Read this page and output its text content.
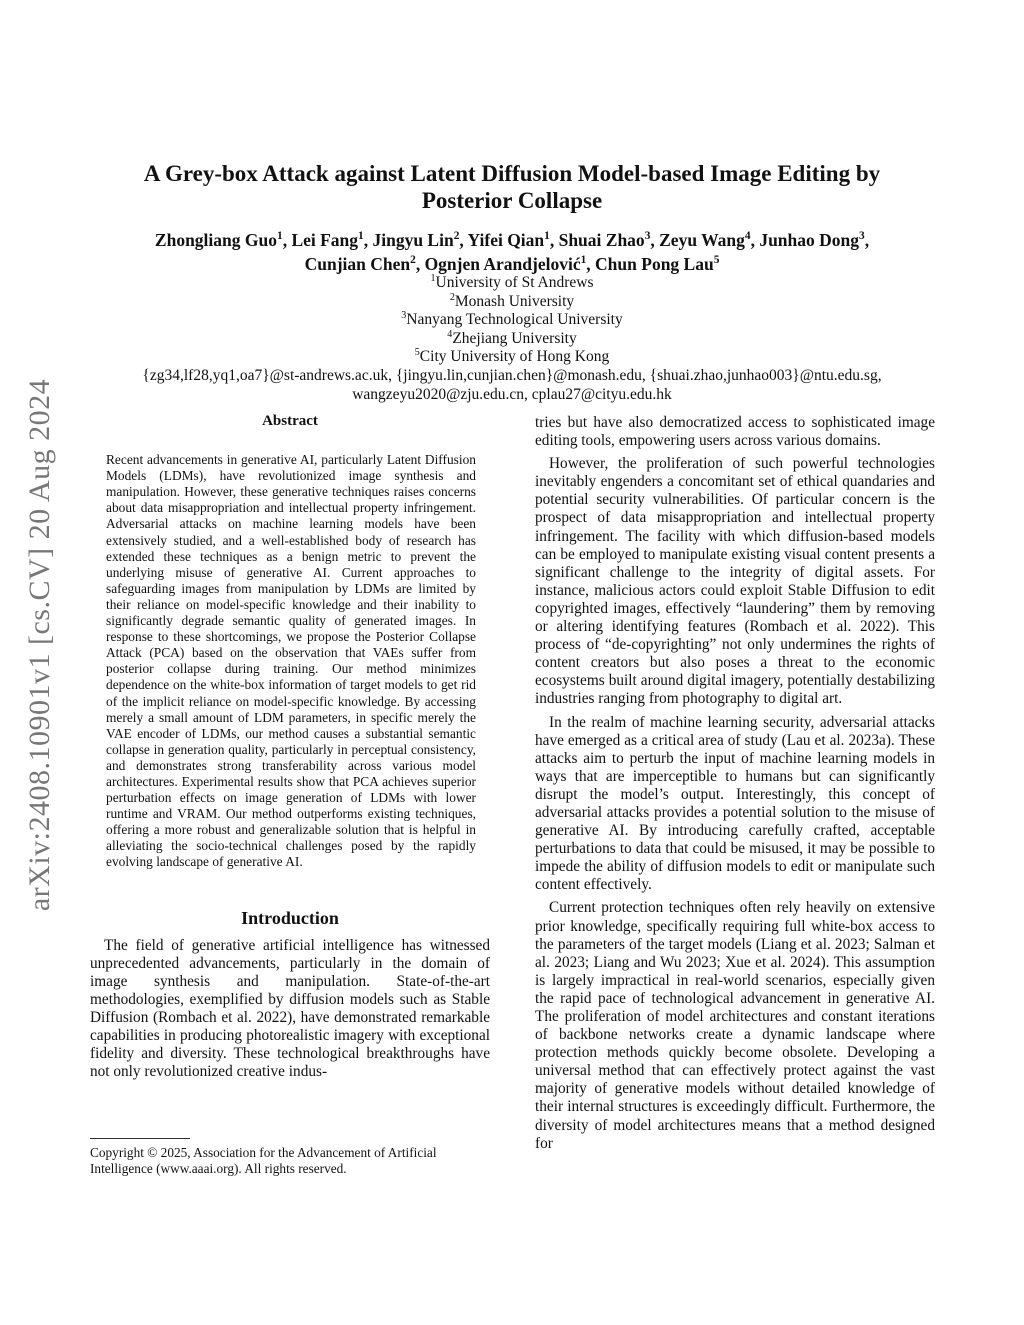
arXiv:2408.10901v1 [cs.CV] 20 Aug 2024
A Grey-box Attack against Latent Diffusion Model-based Image Editing by
Posterior Collapse
Zhongliang Guo$^1$, Lei Fang$^1$, Jingyu Lin$^2$, Yifei Qian$^1$, Shuai Zhao$^3$, Zeyu Wang$^4$, Junhao Dong$^3$,
Cunjian Chen$^2$, Ognjen Arandjelović$^1$, Chun Pong Lau$^5$
$^1$University of St Andrews
$^2$Monash University
$^3$Nanyang Technological University
$^4$Zhejiang University
$^5$City University of Hong Kong
{zg34,lf28,yq1,oa7}@st-andrews.ac.uk, {jingyu.lin,cunjian.chen}@monash.edu, {shuai.zhao,junhao003}@ntu.edu.sg,
wangzeyu2020@zju.edu.cn, cplau27@cityu.edu.hk
Abstract
Recent advancements in generative AI, particularly Latent Diffusion Models (LDMs), have revolutionized image synthesis and manipulation. However, these generative techniques raises concerns about data misappropriation and intellectual property infringement. Adversarial attacks on machine learning models have been extensively studied, and a well-established body of research has extended these techniques as a benign metric to prevent the underlying misuse of generative AI. Current approaches to safeguarding images from manipulation by LDMs are limited by their reliance on model-specific knowledge and their inability to significantly degrade semantic quality of generated images. In response to these shortcomings, we propose the Posterior Collapse Attack (PCA) based on the observation that VAEs suffer from posterior collapse during training. Our method minimizes dependence on the white-box information of target models to get rid of the implicit reliance on model-specific knowledge. By accessing merely a small amount of LDM parameters, in specific merely the VAE encoder of LDMs, our method causes a substantial semantic collapse in generation quality, particularly in perceptual consistency, and demonstrates strong transferability across various model architectures. Experimental results show that PCA achieves superior perturbation effects on image generation of LDMs with lower runtime and VRAM. Our method outperforms existing techniques, offering a more robust and generalizable solution that is helpful in alleviating the socio-technical challenges posed by the rapidly evolving landscape of generative AI.
Introduction

The field of generative artificial intelligence has witnessed unprecedented advancements, particularly in the domain of image synthesis and manipulation. State-of-the-art methodologies, exemplified by diffusion models such as Stable Diffusion (Rombach et al. 2022), have demonstrated remarkable capabilities in producing photorealistic imagery with exceptional fidelity and diversity. These technological breakthroughs have not only revolutionized creative indus-

tries but have also democratized access to sophisticated image editing tools, empowering users across various domains.

However, the proliferation of such powerful technologies inevitably engenders a concomitant set of ethical quandaries and potential security vulnerabilities. Of particular concern is the prospect of data misappropriation and intellectual property infringement. The facility with which diffusion-based models can be employed to manipulate existing visual content presents a significant challenge to the integrity of digital assets. For instance, malicious actors could exploit Stable Diffusion to edit copyrighted images, effectively “laundering” them by removing or altering identifying features (Rombach et al. 2022). This process of “de-copyrighting” not only undermines the rights of content creators but also poses a threat to the economic ecosystems built around digital imagery, potentially destabilizing industries ranging from photography to digital art.

In the realm of machine learning security, adversarial attacks have emerged as a critical area of study (Lau et al. 2023a). These attacks aim to perturb the input of machine learning models in ways that are imperceptible to humans but can significantly disrupt the model’s output. Interestingly, this concept of adversarial attacks provides a potential solution to the misuse of generative AI. By introducing carefully crafted, acceptable perturbations to data that could be misused, it may be possible to impede the ability of diffusion models to edit or manipulate such content effectively.

Current protection techniques often rely heavily on extensive prior knowledge, specifically requiring full white-box access to the parameters of the target models (Liang et al. 2023; Salman et al. 2023; Liang and Wu 2023; Xue et al. 2024). This assumption is largely impractical in real-world scenarios, especially given the rapid pace of technological advancement in generative AI. The proliferation of model architectures and constant iterations of backbone networks create a dynamic landscape where protection methods quickly become obsolete. Developing a universal method that can effectively protect against the vast majority of generative models without detailed knowledge of their internal structures is exceedingly difficult. Furthermore, the diversity of model architectures means that a method designed for

Copyright © 2025, Association for the Advancement of Artificial Intelligence (www.aaai.org). All rights reserved.
